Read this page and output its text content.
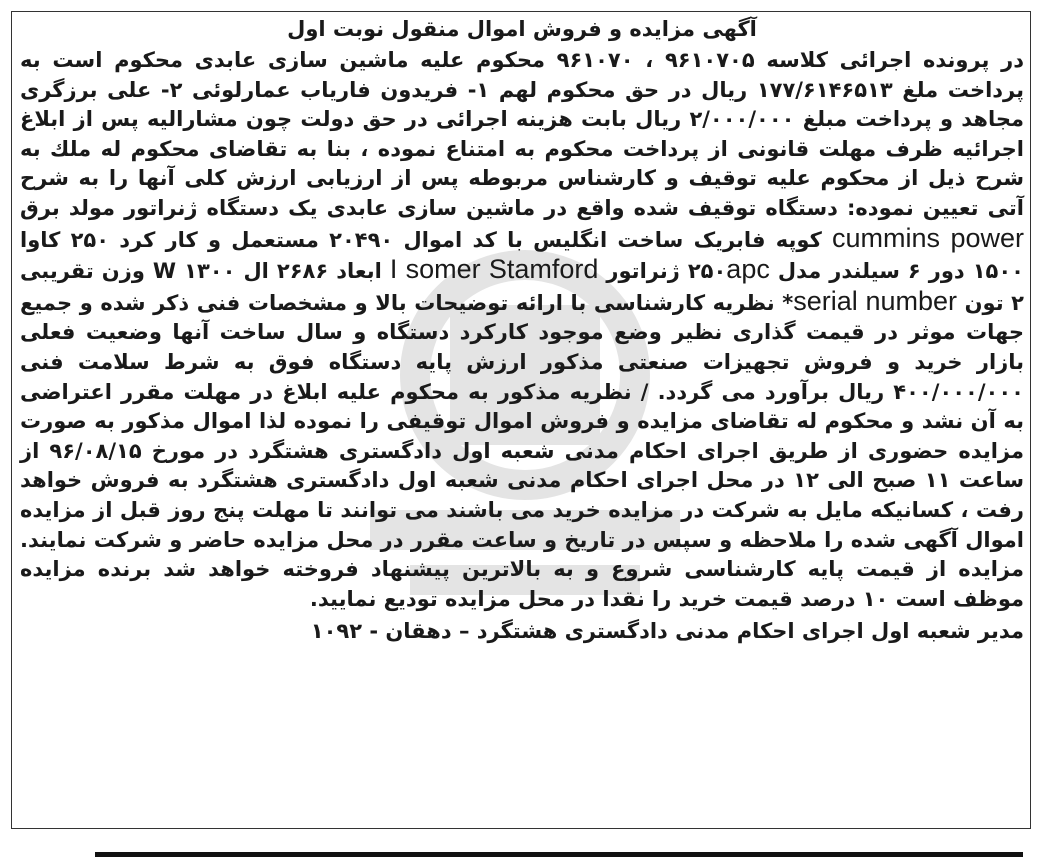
آگهی مزایده و فروش اموال منقول نوبت اول

در پرونده اجرائی کلاسه ۹۶۱۰۷۰۵ ، ۹۶۱۰۷۰ محکوم علیه ماشین سازی عابدی محکوم است به پرداخت ملغ ۱۷۷/۶۱۴۶۵۱۳ ریال در حق محکوم لهم ۱- فریدون فاریاب عمارلوئی ۲- علی برزگری مجاهد و پرداخت مبلغ ۲/۰۰۰/۰۰۰ ریال بابت هزینه اجرائی در حق دولت چون مشارالیه پس از ابلاغ اجرائیه ظرف مهلت قانونی از پرداخت محکوم به امتناع نموده ، بنا به تقاضای محکوم له ملك به شرح ذیل از محکوم علیه توقیف و کارشناس مربوطه پس از ارزیابی ارزش کلی آنها را به شرح آتی تعیین نموده: دستگاه توقیف شده واقع در ماشین سازی عابدی یک دستگاه ژنراتور مولد برق cummins power کوپه فابریک ساخت انگلیس با کد اموال ۲۰۴۹۰ مستعمل و کار کرد ۲۵۰ کاوا ۱۵۰۰ دور ۶ سیلندر مدل apc۲۵۰ ژنراتور I somer Stamford ابعاد ۲۶۸۶ ال ۱۳۰۰ W وزن تقریبی ۲ تون serial number* نظریه کارشناسی با ارائه توضیحات بالا و مشخصات فنی ذکر شده و جمیع جهات موثر در قیمت گذاری نظیر وضع موجود کارکرد دستگاه و سال ساخت آنها وضعیت فعلی بازار خرید و فروش تجهیزات صنعتی مذکور ارزش پایه دستگاه فوق به شرط سلامت فنی ۴۰۰/۰۰۰/۰۰۰ ریال برآورد می گردد. / نظریه مذکور به محکوم علیه ابلاغ در مهلت مقرر اعتراضی به آن نشد و محکوم له تقاضای مزایده و فروش اموال توقیفی را نموده لذا اموال مذکور به صورت مزایده حضوری از طریق اجرای احکام مدنی شعبه اول دادگستری هشتگرد در مورخ ۹۶/۰۸/۱۵ از ساعت ۱۱ صبح الی ۱۲ در محل اجرای احکام مدنی شعبه اول دادگستری هشتگرد به فروش خواهد رفت ، کسانیکه مایل به شرکت در مزایده خرید می باشند می توانند تا مهلت پنج روز قبل از مزایده اموال آگهی شده را ملاحظه و سپس در تاریخ و ساعت مقرر در محل مزایده حاضر و شرکت نمایند. مزایده از قیمت پایه کارشناسی شروع و به بالاترین پیشنهاد فروخته خواهد شد برنده مزایده موظف است ۱۰ درصد قیمت خرید را نقدا در محل مزایده تودیع نمایید.

مدیر شعبه اول اجرای احکام مدنی دادگستری هشتگرد – دهقان - ۱۰۹۲
